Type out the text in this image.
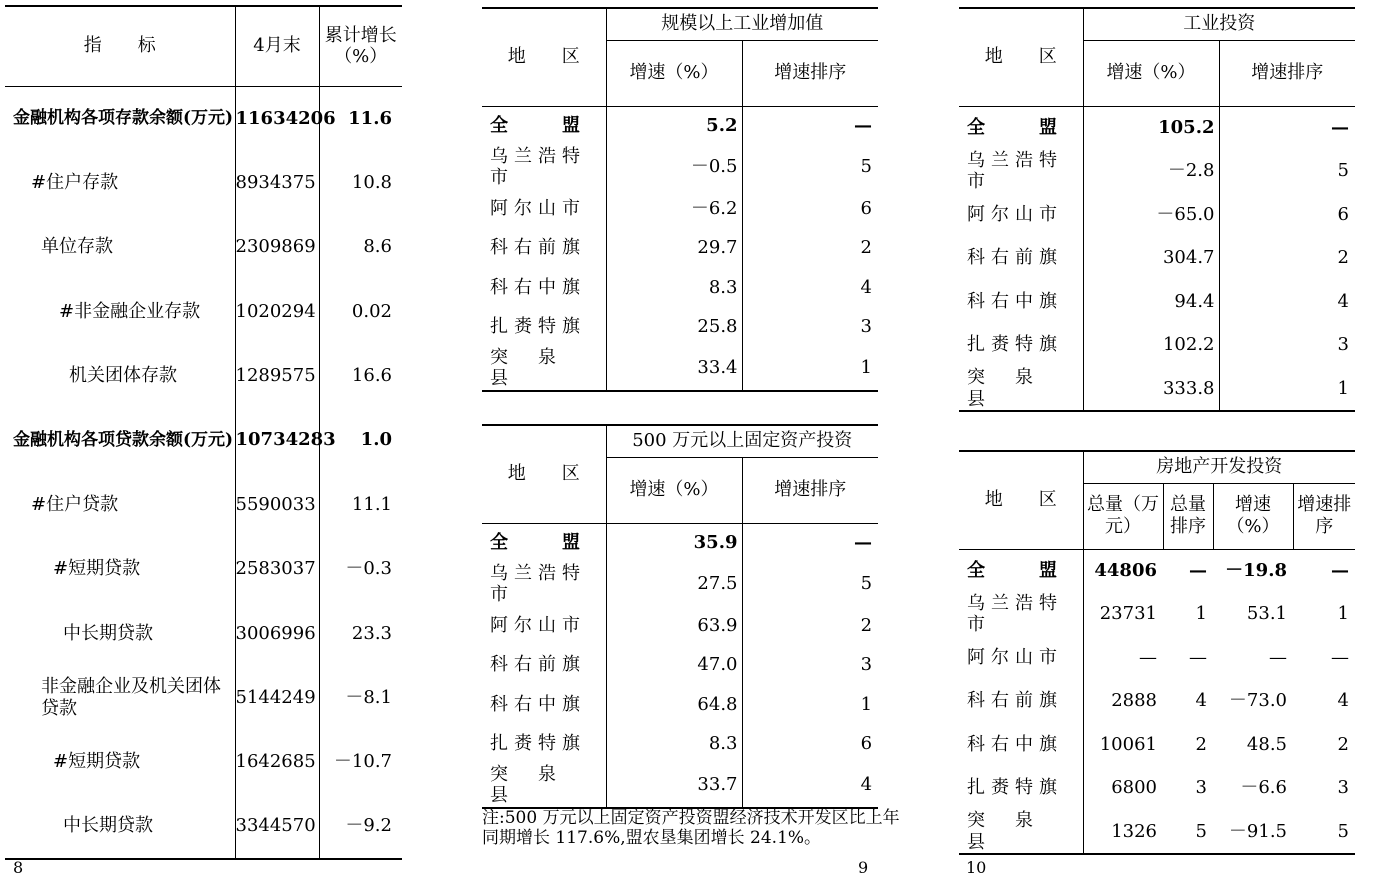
指　　标	4月末	累计增长（%）
金融机构各项存款余额(万元)	11634206	11.6
#住户存款	8934375	10.8
单位存款	2309869	8.6
#非金融企业存款	1020294	0.02
机关团体存款	1289575	16.6
金融机构各项贷款余额(万元)	10734283	1.0
#住户贷款	5590033	11.1
#短期贷款	2583037	－0.3
中长期贷款	3006996	23.3
非金融企业及机关团体贷款	5144249	－8.1
#短期贷款	1642685	－10.7
中长期贷款	3344570	－9.2
地　　区	规模以上工业增加值	
	增速（%）	增速排序
全　　盟	5.2	—
乌兰浩特市	－0.5	5
阿尔山市	－6.2	6
科右前旗	29.7	2
科右中旗	8.3	4
扎赉特旗	25.8	3
突　泉　县	33.4	1
地　　区	500 万元以上固定资产投资	
	增速（%）	增速排序
全　　盟	35.9	—
乌兰浩特市	27.5	5
阿尔山市	63.9	2
科右前旗	47.0	3
科右中旗	64.8	1
扎赉特旗	8.3	6
突　泉　县	33.7	4
注:500 万元以上固定资产投资盟经济技术开发区比上年
同期增长 117.6%,盟农垦集团增长 24.1%。
地　　区	工业投资	
	增速（%）	增速排序
全　　盟	105.2	—
乌兰浩特市	－2.8	5
阿尔山市	－65.0	6
科右前旗	304.7	2
科右中旗	94.4	4
扎赉特旗	102.2	3
突　泉　县	333.8	1
地　　区	房地产开发投资			
	总量（万元）	总量排序	增速（%）	增速排序
全　　盟	44806	—	－19.8	—
乌兰浩特市	23731	1	53.1	1
阿尔山市	—	—	—	—
科右前旗	2888	4	－73.0	4
科右中旗	10061	2	48.5	2
扎赉特旗	6800	3	－6.6	3
突　泉　县	1326	5	－91.5	5
8	9	10
